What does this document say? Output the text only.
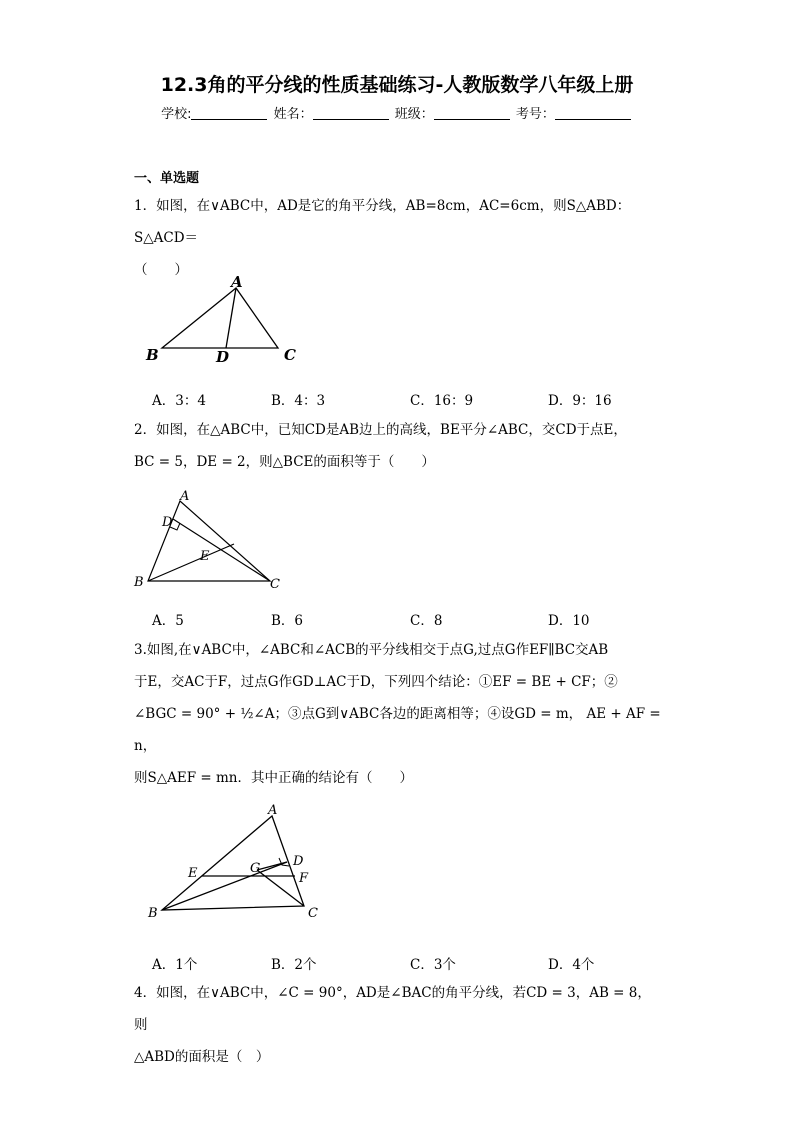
12.3角的平分线的性质基础练习-人教版数学八年级上册
学校:	姓名：	班级：	考号：
一、单选题
1．如图，在∨ABC中，AD是它的角平分线，AB=8cm，AC=6cm，则S△ABD：S△ACD＝
（　　）
A
B	D	C
A．3：4	B．4：3	C．16：9	D．9：16
2．如图，在△ABC中，已知CD是AB边上的高线，BE平分∠ABC，交CD于点E，
BC = 5，DE = 2，则△BCE的面积等于（　　）
A
D
E
B	C
A．5	B．6	C．8	D．10
3.如图,在∨ABC中，∠ABC和∠ACB的平分线相交于点G,过点G作EF∥BC交AB
于E，交AC于F，过点G作GD⊥AC于D，下列四个结论：①EF = BE + CF；②
∠BGC = 90° + ½∠A；③点G到∨ABC各边的距离相等；④设GD = m， AE + AF = n，
则S△AEF = mn．其中正确的结论有（　　）
A
E	G	D
F
B	C
A．1个	B．2个	C．3个	D．4个
4．如图，在∨ABC中，∠C = 90°，AD是∠BAC的角平分线，若CD = 3，AB = 8，则
△ABD的面积是（　）
